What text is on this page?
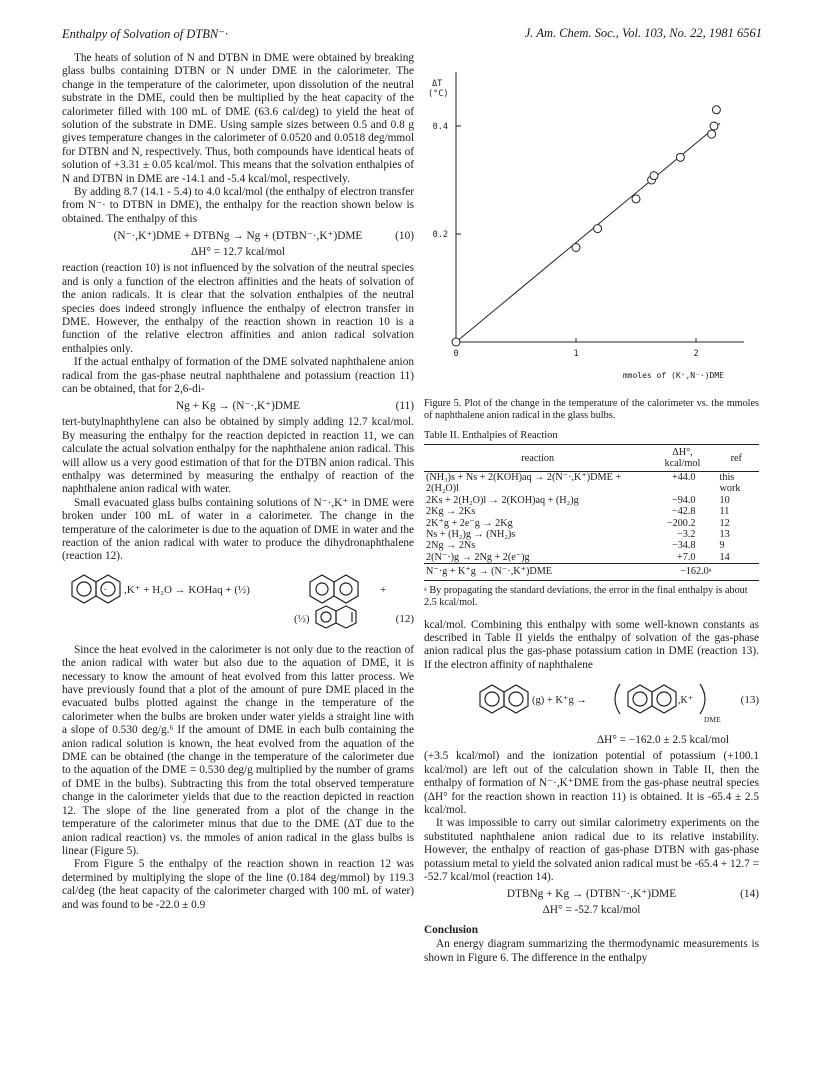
Enthalpy of Solvation of DTBN⁻·	J. Am. Chem. Soc., Vol. 103, No. 22, 1981 6561

The heats of solution of N and DTBN in DME were obtained by breaking glass bulbs containing DTBN or N under DME in the calorimeter. The change in the temperature of the calorimeter, upon dissolution of the neutral substrate in the DME, could then be multiplied by the heat capacity of the calorimeter filled with 100 mL of DME (63.6 cal/deg) to yield the heat of solution of the substrate in DME. Using sample sizes between 0.5 and 0.8 g gives temperature changes in the calorimeter of 0.0520 and 0.0518 deg/mmol for DTBN and N, respectively. Thus, both compounds have identical heats of solution of +3.31 ± 0.05 kcal/mol. This means that the solvation enthalpies of N and DTBN in DME are -14.1 and -5.4 kcal/mol, respectively.

By adding 8.7 (14.1 - 5.4) to 4.0 kcal/mol (the enthalpy of electron transfer from N⁻· to DTBN in DME), the enthalpy for the reaction shown below is obtained. The enthalpy of this

(N⁻·,K⁺)DME + DTBNg → Ng + (DTBN⁻·,K⁺)DME	(10)
ΔH° = 12.7 kcal/mol

reaction (reaction 10) is not influenced by the solvation of the neutral species and is only a function of the electron affinities and the heats of solvation of the anion radicals. It is clear that the solvation enthalpies of the neutral species does indeed strongly influence the enthalpy of electron transfer in DME. However, the enthalpy of the reaction shown in reaction 10 is a function of the relative electron affinities and anion radical solvation enthalpies only.

If the actual enthalpy of formation of the DME solvated naphthalene anion radical from the gas-phase neutral naphthalene and potassium (reaction 11) can be obtained, that for 2,6-di-

Ng + Kg → (N⁻·,K⁺)DME	(11)

tert-butylnaphthylene can also be obtained by simply adding 12.7 kcal/mol. By measuring the enthalpy for the reaction depicted in reaction 11, we can calculate the actual solvation enthalpy for the naphthalene anion radical. This will allow us a very good estimation of that for the DTBN anion radical. This enthalpy was determined by measuring the enthalpy of reaction of the naphthalene anion radical with water.

Small evacuated glass bulbs containing solutions of N⁻·,K⁺ in DME were broken under 100 mL of water in a calorimeter. The change in the temperature of the calorimeter is due to the aquation of DME in water and the reaction of the anion radical with water to produce the dihydronaphthalene (reaction 12).

· ,K⁺ + H₂O → KOHaq + (½)	+
(½)	(12)

Since the heat evolved in the calorimeter is not only due to the reaction of the anion radical with water but also due to the aquation of DME, it is necessary to know the amount of heat evolved from this latter process. We have previously found that a plot of the amount of pure DME placed in the evacuated bulbs plotted against the change in the temperature of the calorimeter when the bulbs are broken under water yields a straight line with a slope of 0.530 deg/g.⁶ If the amount of DME in each bulb containing the anion radical solution is known, the heat evolved from the aquation of the DME can be obtained (the change in the temperature of the calorimeter due to the aquation of the DME = 0.530 deg/g multiplied by the number of grams of DME in the bulbs). Subtracting this from the total observed temperature change in the calorimeter yields that due to the reaction depicted in reaction 12. The slope of the line generated from a plot of the change in the temperature of the calorimeter minus that due to the DME (ΔT due to the anion radical reaction) vs. the mmoles of anion radical in the glass bulbs is linear (Figure 5).

From Figure 5 the enthalpy of the reaction shown in reaction 12 was determined by multiplying the slope of the line (0.184 deg/mmol) by 119.3 cal/deg (the heat capacity of the calorimeter charged with 100 mL of water) and was found to be -22.0 ± 0.9

ΔT
(°C)
0	1	2
0.2
0.4
mmoles of (K⁺,N⁻·)DME
Figure 5. Plot of the change in the temperature of the calorimeter vs. the mmoles of naphthalene anion radical in the glass bulbs.
Table II. Enthalpies of Reaction
reaction	ΔH°, kcal/mol	ref
(NH₃)s + Ns + 2(KOH)aq → 2(N⁻·,K⁺)DME + 2(H₂O)l	+44.0	this work
2Ks + 2(H₂O)l → 2(KOH)aq + (H₂)g	−94.0	10
2Kg → 2Ks	−42.8	11
2K⁺g + 2e⁻g → 2Kg	−200.2	12
Ns + (H₂)g → (NH₂)s	−3.2	13
2Ng → 2Ns	−34.8	9
2(N⁻·)g → 2Ng + 2(e⁻)g	+7.0	14
N⁻·g + K⁺g → (N⁻·,K⁺)DME	−162.0ᵃ	
ᵃ By propagating the standard deviations, the error in the final enthalpy is about 2.5 kcal/mol.

kcal/mol. Combining this enthalpy with some well-known constants as described in Table II yields the enthalpy of solvation of the gas-phase anion radical plus the gas-phase potassium cation in DME (reaction 13). If the electron affinity of naphthalene

(g) + K⁺g →	,K⁺
DME
(13)
ΔH° = −162.0 ± 2.5 kcal/mol

(+3.5 kcal/mol) and the ionization potential of potassium (+100.1 kcal/mol) are left out of the calculation shown in Table II, then the enthalpy of formation of N⁻·,K⁺DME from the gas-phase neutral species (ΔH° for the reaction shown in reaction 11) is obtained. It is -65.4 ± 2.5 kcal/mol.

It was impossible to carry out similar calorimetry experiments on the substituted naphthalene anion radical due to its relative instability. However, the enthalpy of reaction of gas-phase DTBN with gas-phase potassium metal to yield the solvated anion radical must be -65.4 + 12.7 = -52.7 kcal/mol (reaction 14).

DTBNg + Kg → (DTBN⁻·,K⁺)DME	(14)
ΔH° = -52.7 kcal/mol
Conclusion

An energy diagram summarizing the thermodynamic measurements is shown in Figure 6. The difference in the enthalpy
